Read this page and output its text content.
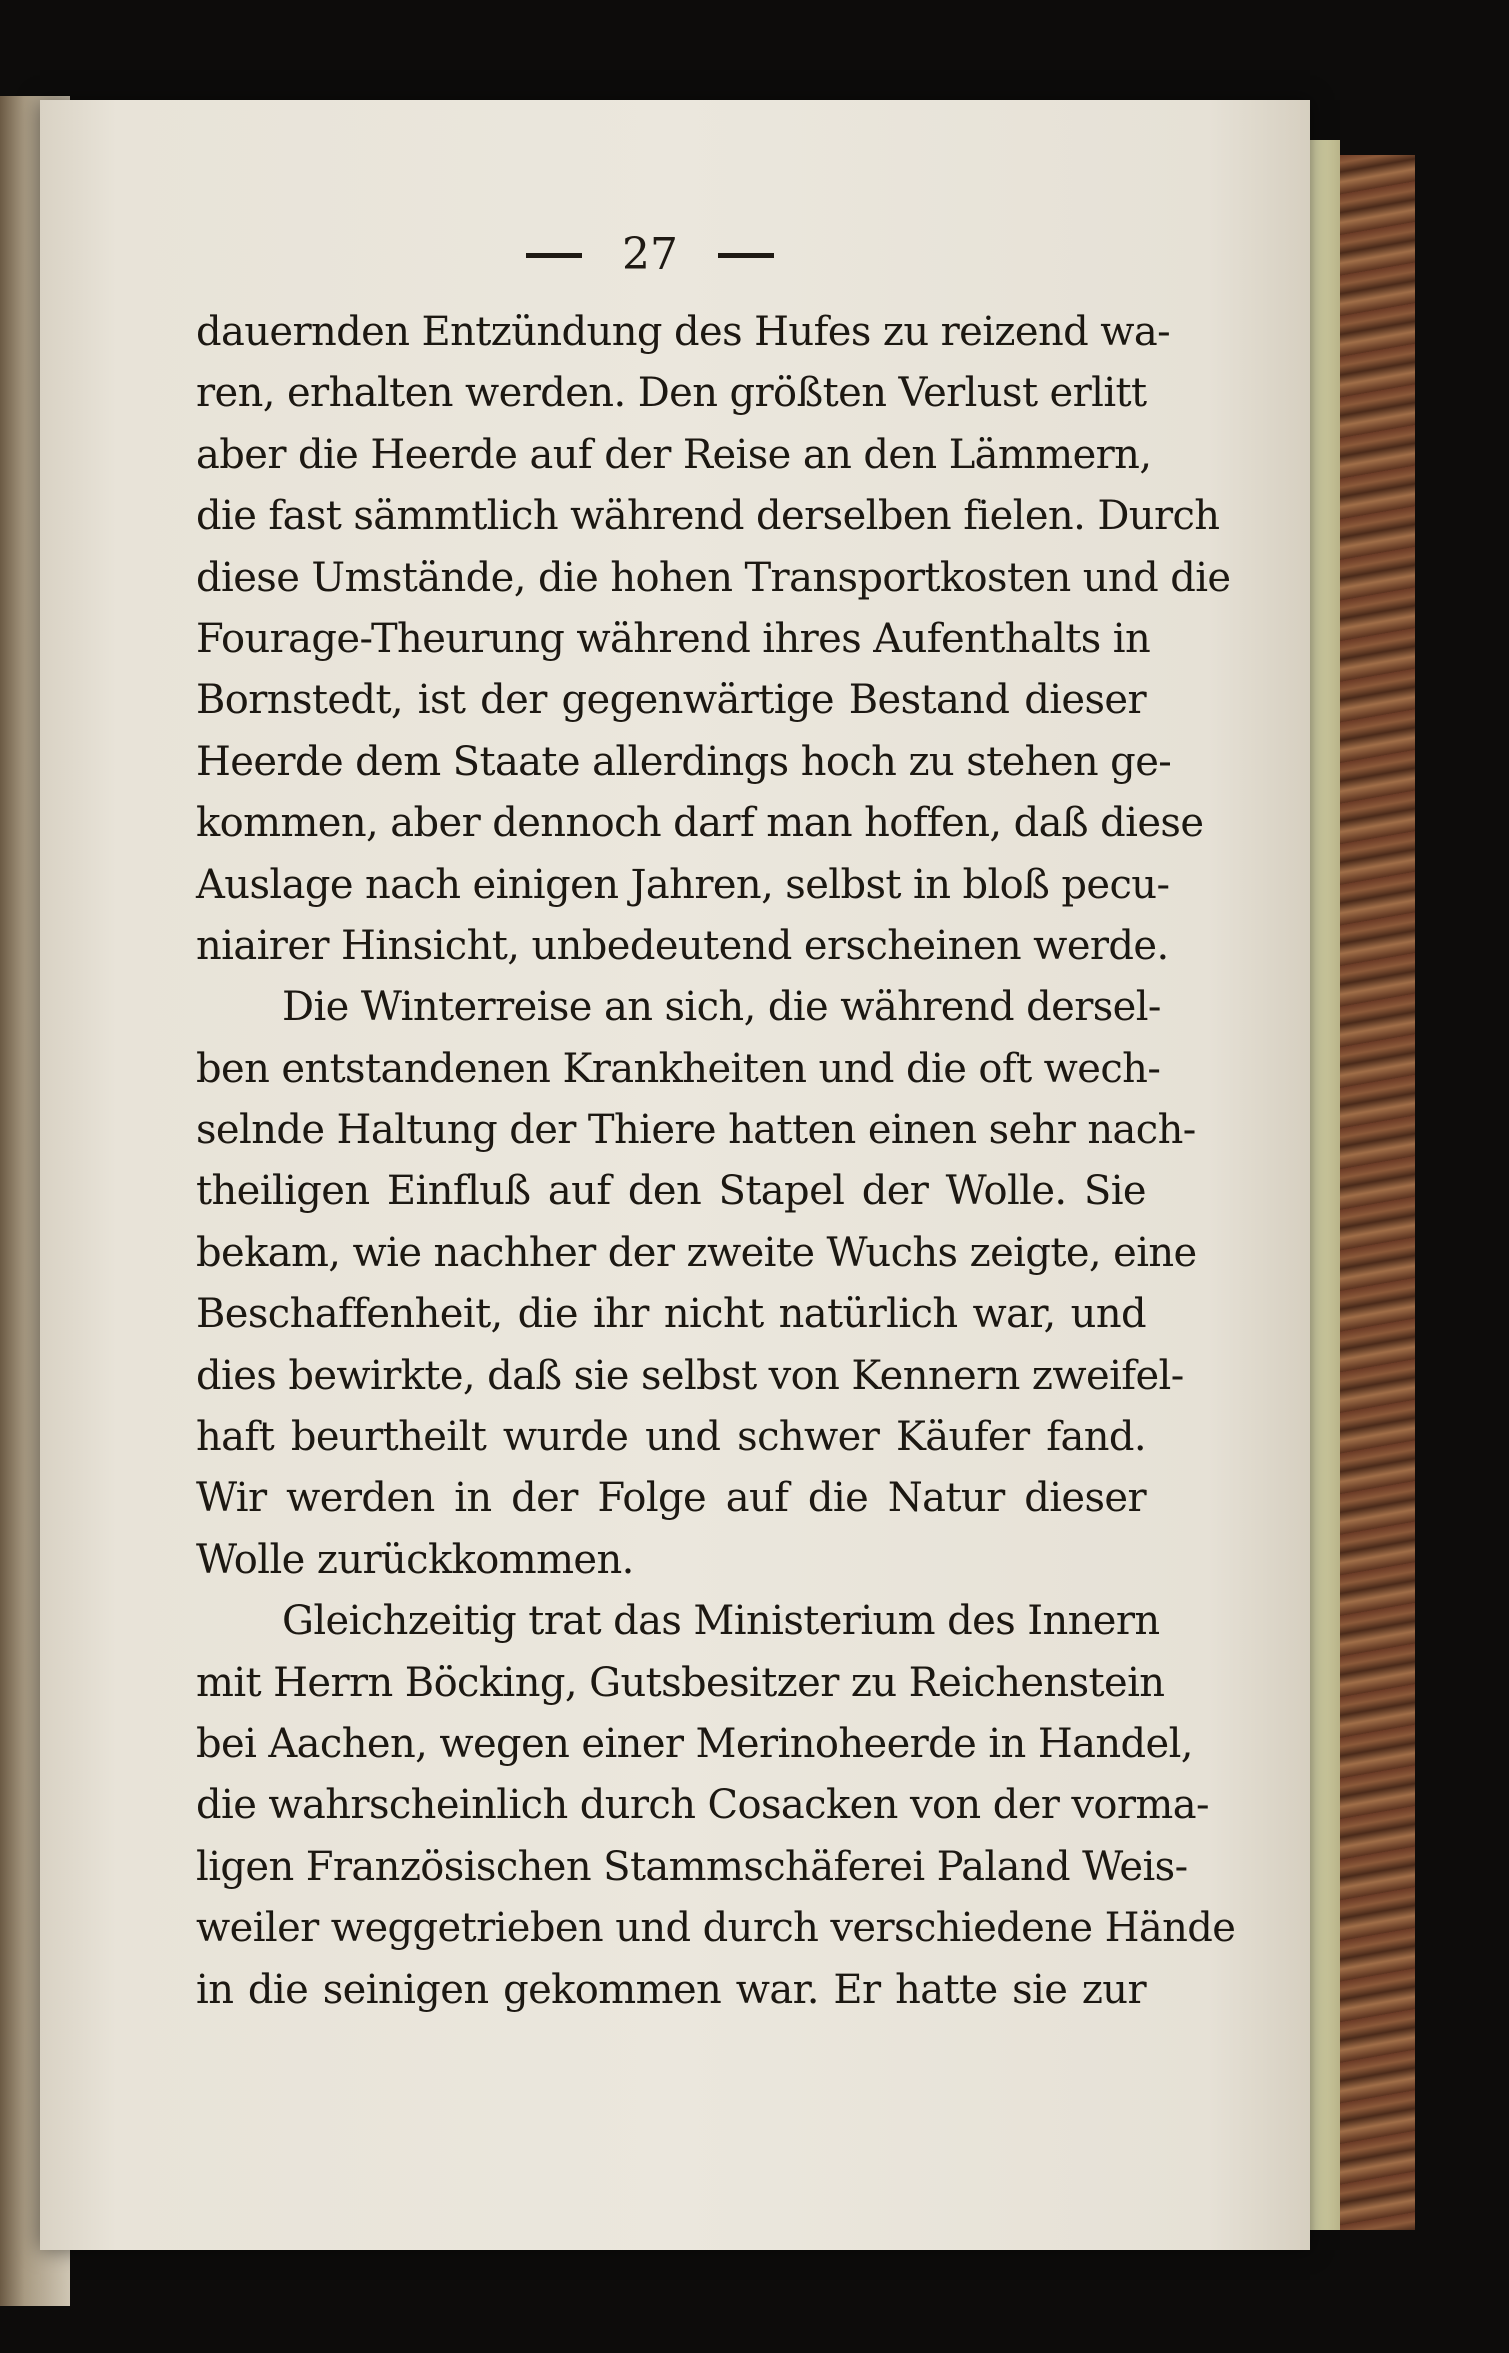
27
dauernden Entzündung des Hufes zu reizend wa-
ren, erhalten werden. Den größten Verlust erlitt
aber die Heerde auf der Reise an den Lämmern,
die fast sämmtlich während derselben fielen. Durch
diese Umstände, die hohen Transportkosten und die
Fourage-Theurung während ihres Aufenthalts in
Bornstedt, ist der gegenwärtige Bestand dieser
Heerde dem Staate allerdings hoch zu stehen ge-
kommen, aber dennoch darf man hoffen, daß diese
Auslage nach einigen Jahren, selbst in bloß pecu-
niairer Hinsicht, unbedeutend erscheinen werde.
Die Winterreise an sich, die während dersel-
ben entstandenen Krankheiten und die oft wech-
selnde Haltung der Thiere hatten einen sehr nach-
theiligen Einfluß auf den Stapel der Wolle. Sie
bekam, wie nachher der zweite Wuchs zeigte, eine
Beschaffenheit, die ihr nicht natürlich war, und
dies bewirkte, daß sie selbst von Kennern zweifel-
haft beurtheilt wurde und schwer Käufer fand.
Wir werden in der Folge auf die Natur dieser
Wolle zurückkommen.
Gleichzeitig trat das Ministerium des Innern
mit Herrn Böcking, Gutsbesitzer zu Reichenstein
bei Aachen, wegen einer Merinoheerde in Handel,
die wahrscheinlich durch Cosacken von der vorma-
ligen Französischen Stammschäferei Paland Weis-
weiler weggetrieben und durch verschiedene Hände
in die seinigen gekommen war. Er hatte sie zur
